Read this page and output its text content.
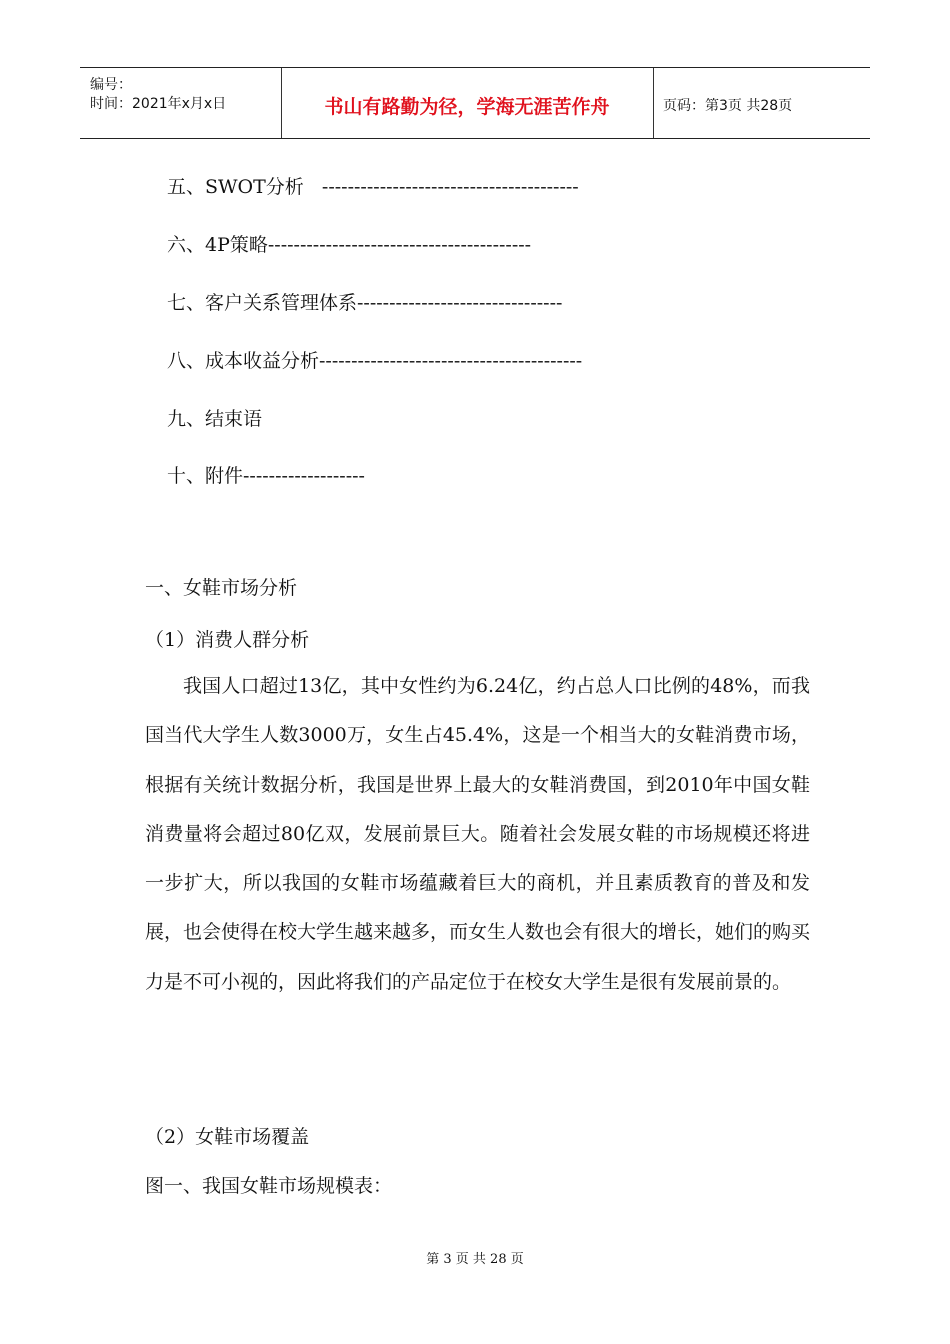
编号：
时间：2021年x月x日	书山有路勤为径，学海无涯苦作舟	页码：第3页 共28页
五、SWOT分析   ----------------------------------------
六、4P策略-----------------------------------------
七、客户关系管理体系--------------------------------
八、成本收益分析-----------------------------------------
九、结束语
十、附件-------------------
一、女鞋市场分析
（1）消费人群分析
我国人口超过13亿，其中女性约为6.24亿，约占总人口比例的48%，而我国当代大学生人数3000万，女生占45.4%，这是一个相当大的女鞋消费市场，根据有关统计数据分析，我国是世界上最大的女鞋消费国，到2010年中国女鞋消费量将会超过80亿双，发展前景巨大。随着社会发展女鞋的市场规模还将进一步扩大，所以我国的女鞋市场蕴藏着巨大的商机，并且素质教育的普及和发展，也会使得在校大学生越来越多，而女生人数也会有很大的增长，她们的购买力是不可小视的，因此将我们的产品定位于在校女大学生是很有发展前景的。
（2）女鞋市场覆盖
图一、我国女鞋市场规模表：
第 3 页 共 28 页
